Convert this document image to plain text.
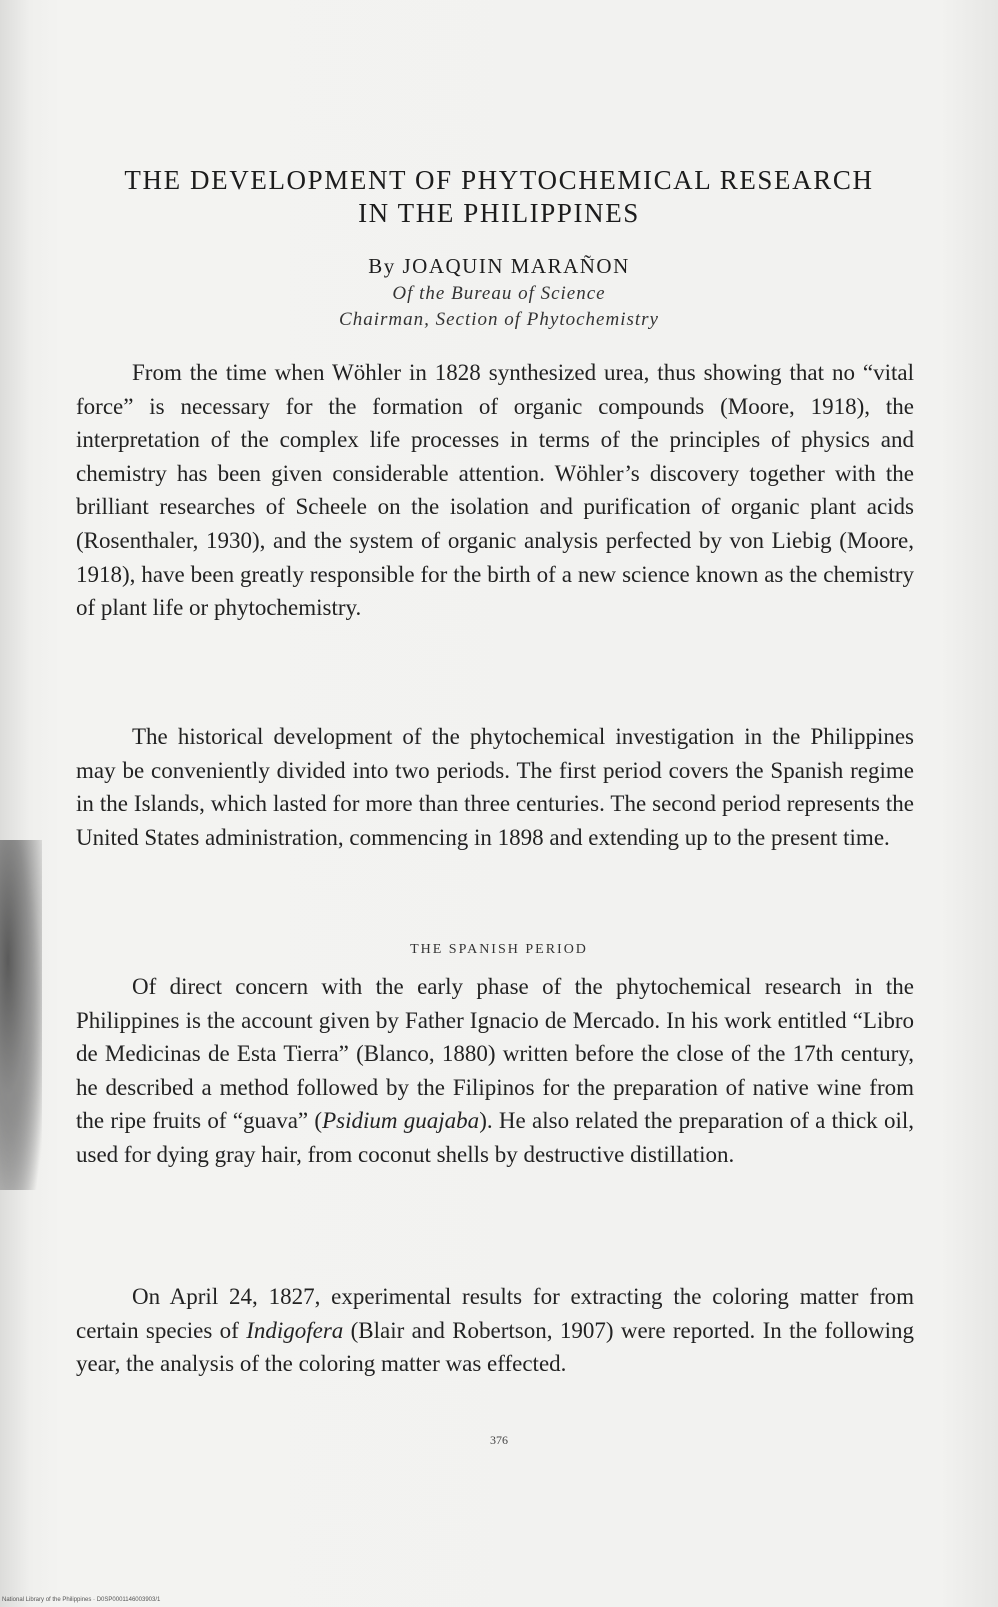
THE DEVELOPMENT OF PHYTOCHEMICAL RESEARCH
IN THE PHILIPPINES
By JOAQUIN MARAÑON
Of the Bureau of Science
Chairman, Section of Phytochemistry

From the time when Wöhler in 1828 synthesized urea, thus showing that no “vital force” is necessary for the formation of organic compounds (Moore, 1918), the interpretation of the complex life processes in terms of the principles of physics and chemistry has been given considerable attention. Wöhler’s discovery together with the brilliant researches of Scheele on the isolation and purification of organic plant acids (Rosenthaler, 1930), and the system of organic analysis perfected by von Liebig (Moore, 1918), have been greatly responsible for the birth of a new science known as the chemistry of plant life or phytochemistry.

The historical development of the phytochemical investigation in the Philippines may be conveniently divided into two periods. The first period covers the Spanish regime in the Islands, which lasted for more than three centuries. The second period represents the United States administration, commencing in 1898 and extending up to the present time.

THE SPANISH PERIOD

Of direct concern with the early phase of the phytochemical research in the Philippines is the account given by Father Ignacio de Mercado. In his work entitled “Libro de Medicinas de Esta Tierra” (Blanco, 1880) written before the close of the 17th century, he described a method followed by the Filipinos for the preparation of native wine from the ripe fruits of “guava” (Psidium guajaba). He also related the preparation of a thick oil, used for dying gray hair, from coconut shells by destructive distillation.

On April 24, 1827, experimental results for extracting the coloring matter from certain species of Indigofera (Blair and Robertson, 1907) were reported. In the following year, the analysis of the coloring matter was effected.

376
National Library of the Philippines · D0SP0001146003903/1
